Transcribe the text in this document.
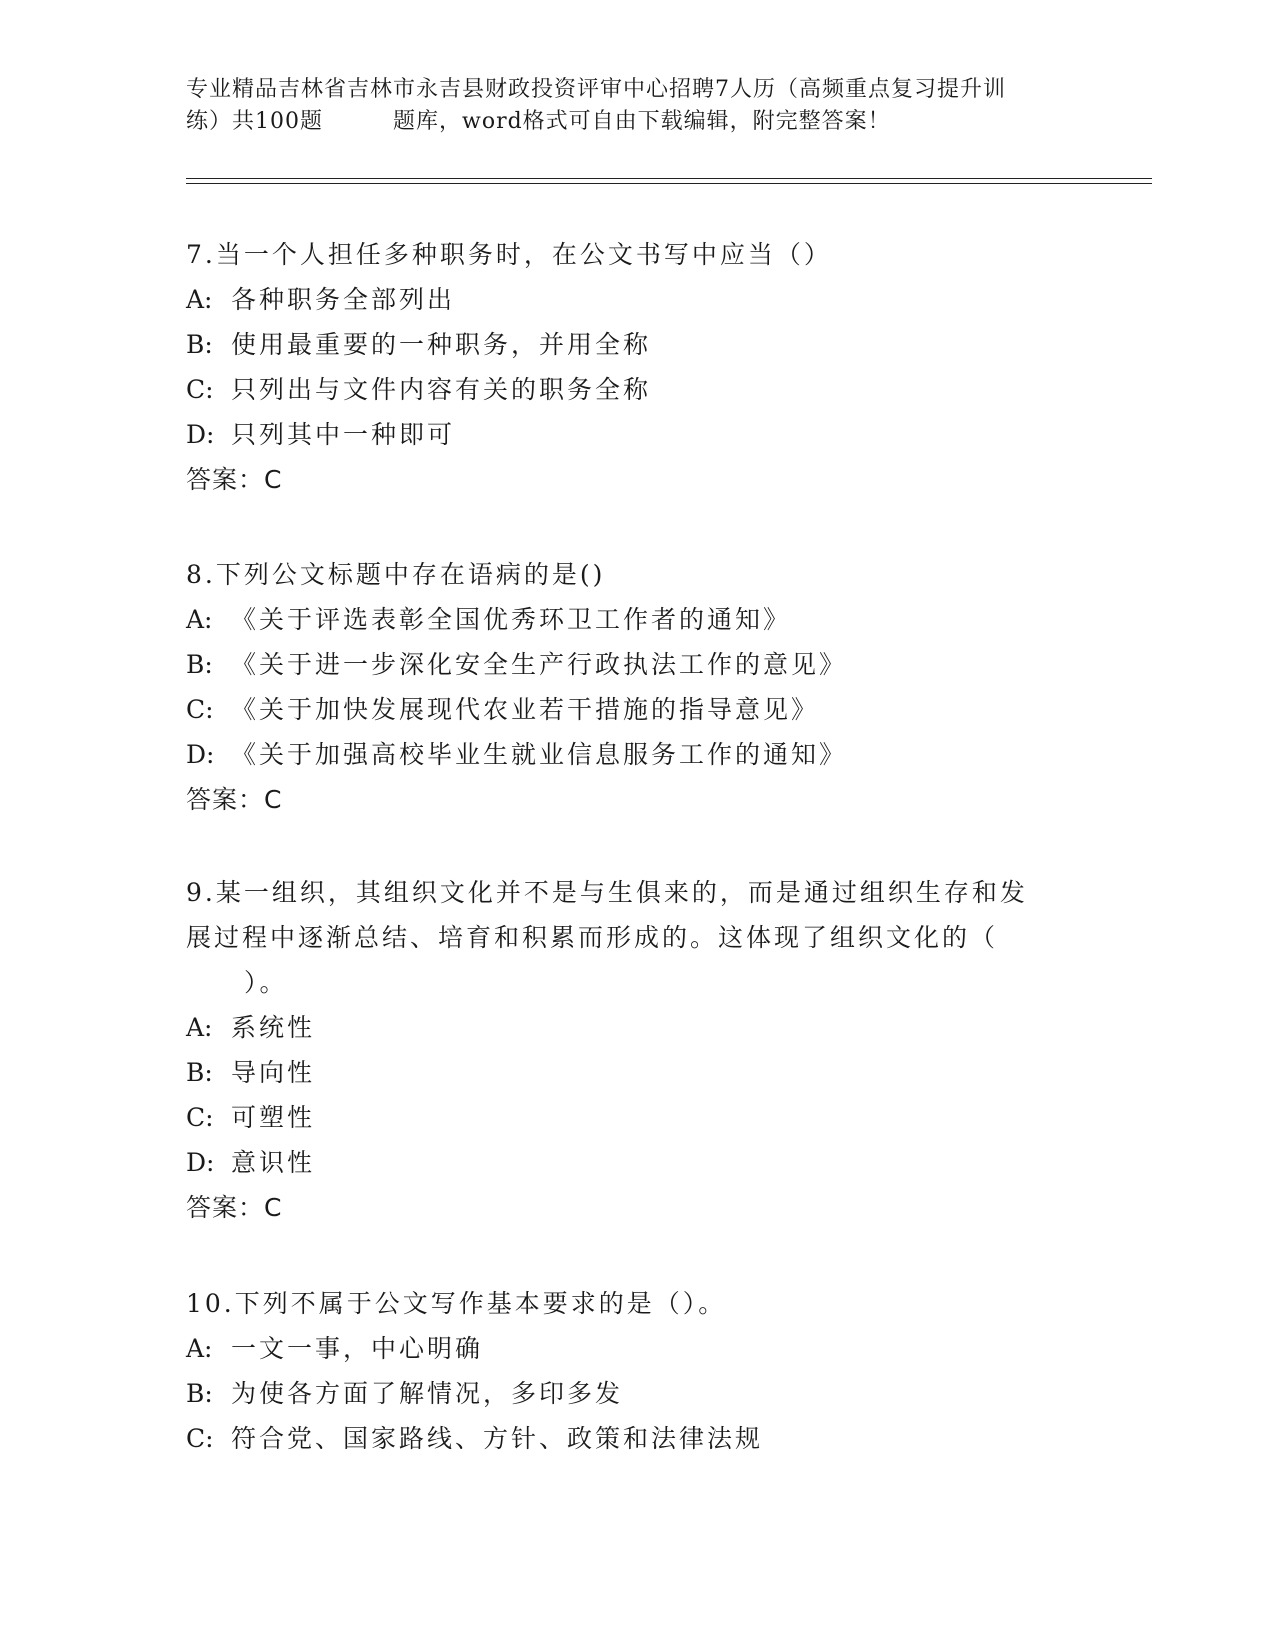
专业精品吉林省吉林市永吉县财政投资评审中心招聘7人历（高频重点复习提升训
练）共100题	题库，word格式可自由下载编辑，附完整答案！

7.当一个人担任多种职务时，在公文书写中应当（）

A: 各种职务全部列出

B: 使用最重要的一种职务，并用全称

C: 只列出与文件内容有关的职务全称

D: 只列其中一种即可

答案：C

8.下列公文标题中存在语病的是()

A: 《关于评选表彰全国优秀环卫工作者的通知》

B: 《关于进一步深化安全生产行政执法工作的意见》

C: 《关于加快发展现代农业若干措施的指导意见》

D: 《关于加强高校毕业生就业信息服务工作的通知》

答案：C

9.某一组织，其组织文化并不是与生俱来的，而是通过组织生存和发

展过程中逐渐总结、培育和积累而形成的。这体现了组织文化的（

）。

A: 系统性

B: 导向性

C: 可塑性

D: 意识性

答案：C

10.下列不属于公文写作基本要求的是（）。

A: 一文一事，中心明确

B: 为使各方面了解情况，多印多发

C: 符合党、国家路线、方针、政策和法律法规
